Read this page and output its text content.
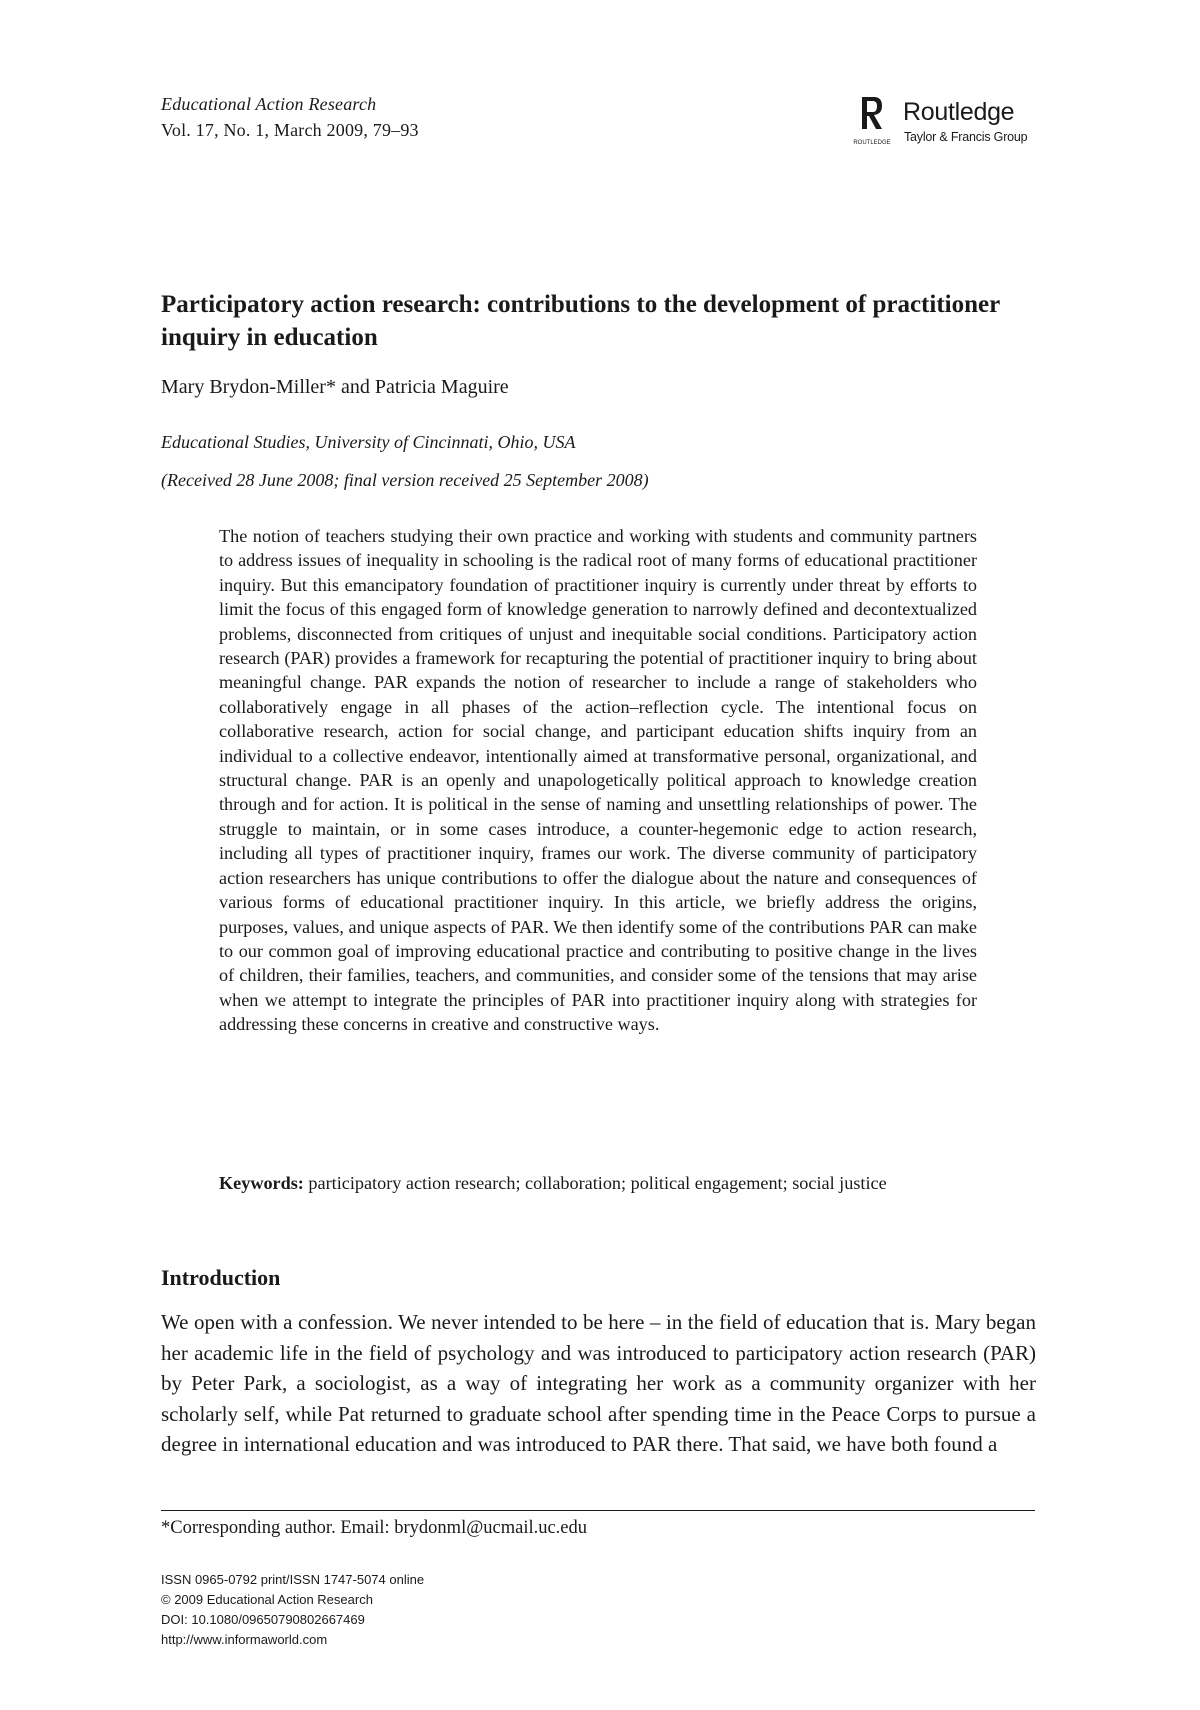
Educational Action Research
Vol. 17, No. 1, March 2009, 79–93
ROUTLEDGE
Routledge
Taylor & Francis Group
Participatory action research: contributions to the development of practitioner inquiry in education
Mary Brydon-Miller* and Patricia Maguire
Educational Studies, University of Cincinnati, Ohio, USA
(Received 28 June 2008; final version received 25 September 2008)
The notion of teachers studying their own practice and working with students and community partners to address issues of inequality in schooling is the radical root of many forms of educational practitioner inquiry. But this emancipatory foundation of practitioner inquiry is currently under threat by efforts to limit the focus of this engaged form of knowledge generation to narrowly defined and decontextualized problems, disconnected from critiques of unjust and inequitable social conditions. Participatory action research (PAR) provides a framework for recapturing the potential of practitioner inquiry to bring about meaningful change. PAR expands the notion of researcher to include a range of stakeholders who collaboratively engage in all phases of the action–reflection cycle. The intentional focus on collaborative research, action for social change, and participant education shifts inquiry from an individual to a collective endeavor, intentionally aimed at transformative personal, organizational, and structural change. PAR is an openly and unapologetically political approach to knowledge creation through and for action. It is political in the sense of naming and unsettling relationships of power. The struggle to maintain, or in some cases introduce, a counter-hegemonic edge to action research, including all types of practitioner inquiry, frames our work. The diverse community of participatory action researchers has unique contributions to offer the dialogue about the nature and consequences of various forms of educational practitioner inquiry. In this article, we briefly address the origins, purposes, values, and unique aspects of PAR. We then identify some of the contributions PAR can make to our common goal of improving educational practice and contributing to positive change in the lives of children, their families, teachers, and communities, and consider some of the tensions that may arise when we attempt to integrate the principles of PAR into practitioner inquiry along with strategies for addressing these concerns in creative and constructive ways.
Keywords: participatory action research; collaboration; political engagement; social justice
Introduction
We open with a confession. We never intended to be here – in the field of education that is. Mary began her academic life in the field of psychology and was introduced to participatory action research (PAR) by Peter Park, a sociologist, as a way of integrating her work as a community organizer with her scholarly self, while Pat returned to graduate school after spending time in the Peace Corps to pursue a degree in international education and was introduced to PAR there. That said, we have both found a
*Corresponding author. Email: brydonml@ucmail.uc.edu
ISSN 0965-0792 print/ISSN 1747-5074 online
© 2009 Educational Action Research
DOI: 10.1080/09650790802667469
http://www.informaworld.com
